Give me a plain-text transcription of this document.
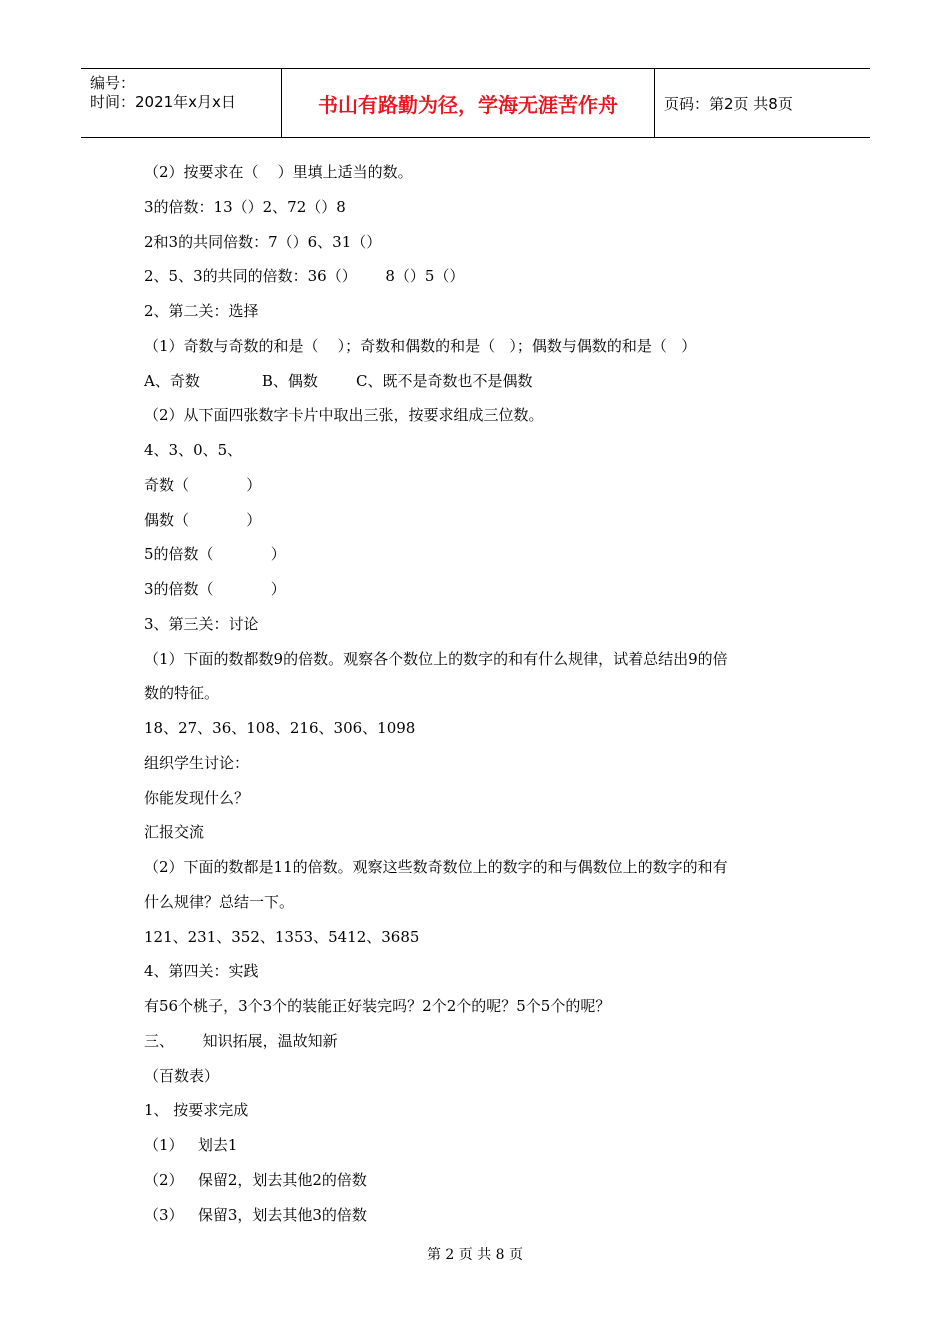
编号：
时间：2021年x月x日	书山有路勤为径，学海无涯苦作舟	页码：第2页 共8页
（2）按要求在（    ）里填上适当的数。
3的倍数：13（）2、72（）8
2和3的共同倍数：7（）6、31（）
2、5、3的共同的倍数：36（）      8（）5（）
2、第二关：选择
（1）奇数与奇数的和是（    ）；奇数和偶数的和是（   ）；偶数与偶数的和是（   ）
A、奇数             B、偶数        C、既不是奇数也不是偶数
（2）从下面四张数字卡片中取出三张，按要求组成三位数。
4、3、0、5、
奇数（            ）
偶数（            ）
5的倍数（            ）
3的倍数（            ）
3、第三关：讨论
（1）下面的数都数9的倍数。观察各个数位上的数字的和有什么规律，试着总结出9的倍
数的特征。
18、27、36、108、216、306、1098
组织学生讨论：
你能发现什么？
汇报交流
（2）下面的数都是11的倍数。观察这些数奇数位上的数字的和与偶数位上的数字的和有
什么规律？总结一下。
121、231、352、1353、5412、3685
4、第四关：实践
有56个桃子，3个3个的装能正好装完吗？2个2个的呢？5个5个的呢？
三、      知识拓展，温故知新
（百数表）
1、 按要求完成
（1）   划去1
（2）   保留2，划去其他2的倍数
（3）   保留3，划去其他3的倍数
第 2 页 共 8 页
